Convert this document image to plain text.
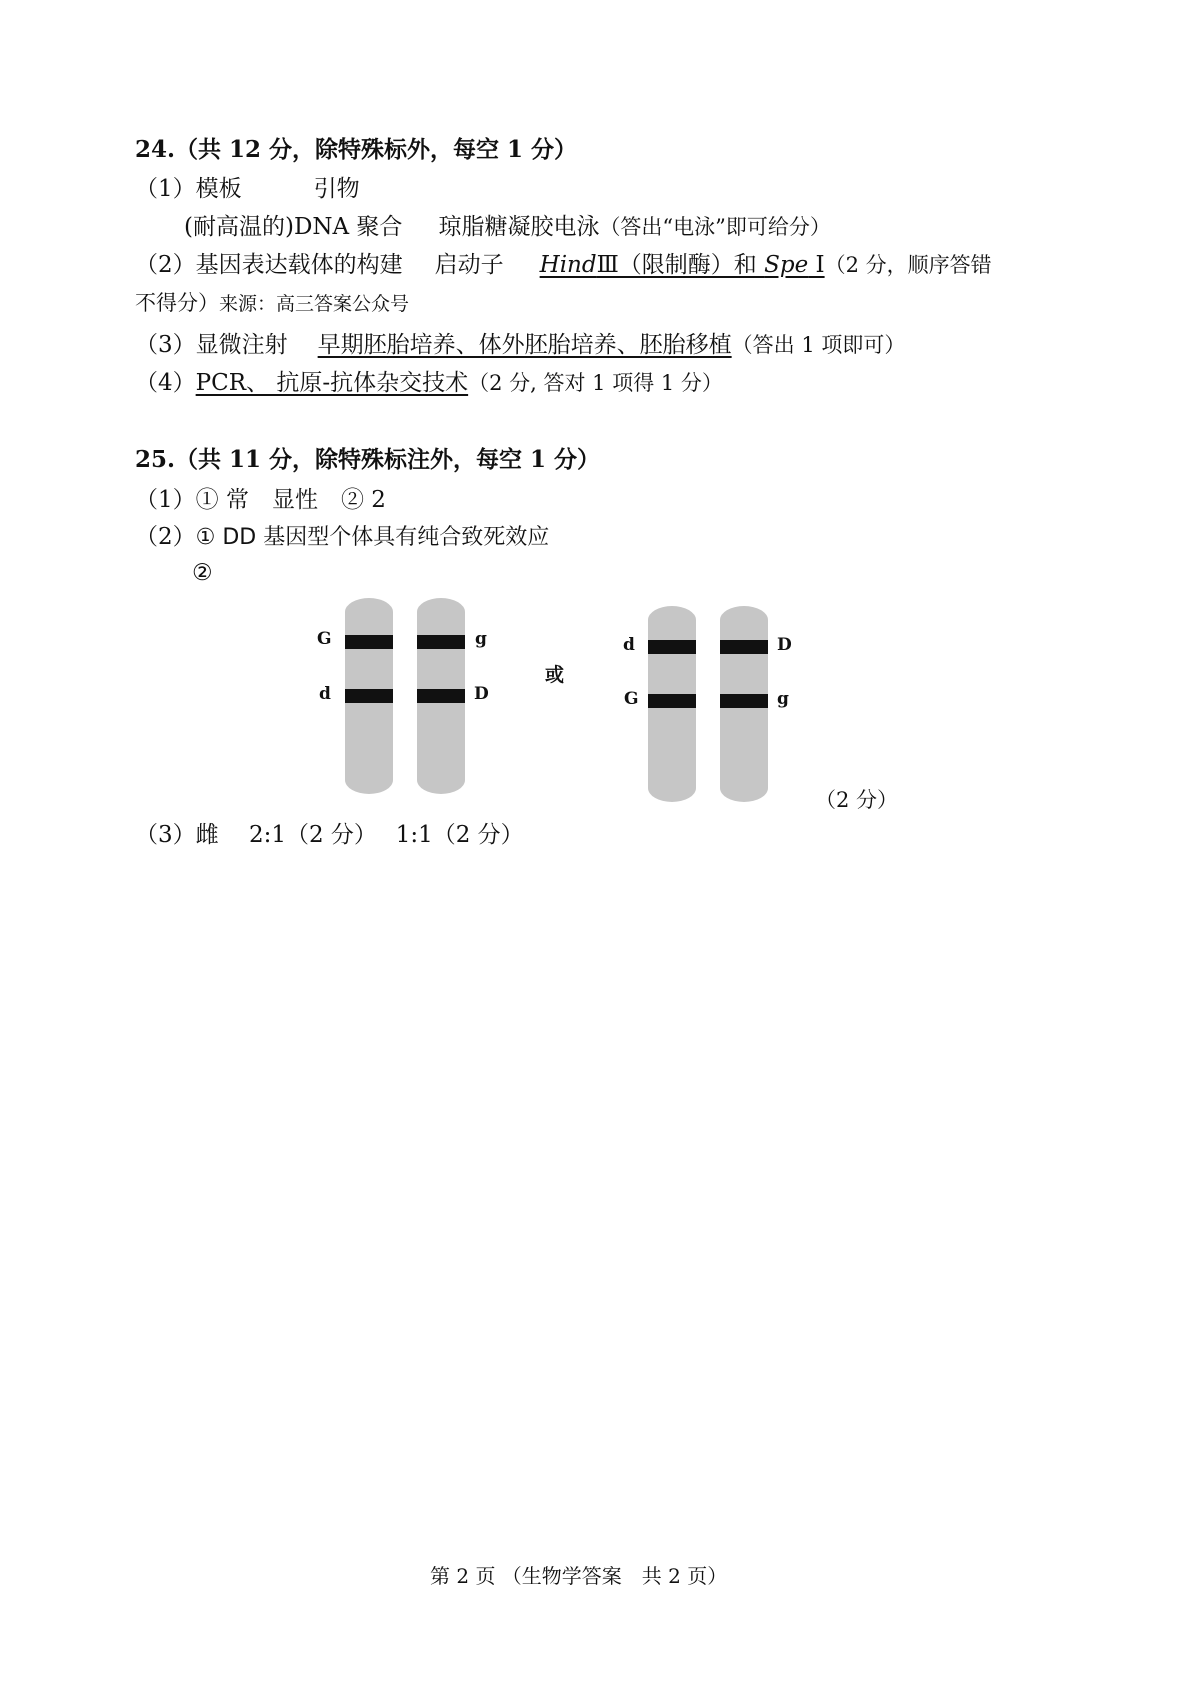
24.（共 12 分，除特殊标外，每空 1 分）
（1）模板	引物
(耐高温的)DNA 聚合 琼脂糖凝胶电泳（答出“电泳”即可给分）
（2）基因表达载体的构建 启动子 HindⅢ（限制酶）和 Spe Ⅰ（2 分，顺序答错
不得分）来源：高三答案公众号
（3）显微注射 早期胚胎培养、体外胚胎培养、胚胎移植（答出 1 项即可）
（4）PCR、 抗原-抗体杂交技术（2 分, 答对 1 项得 1 分）
25.（共 11 分，除特殊标注外，每空 1 分）
（1）① 常　显性　② 2
（2）① DD 基因型个体具有纯合致死效应
②
G	g
d	D
或
d	D
G	g
（2 分）
（3）雌　 2:1（2 分）　 1:1（2 分）
第 2 页 （生物学答案　共 2 页）
